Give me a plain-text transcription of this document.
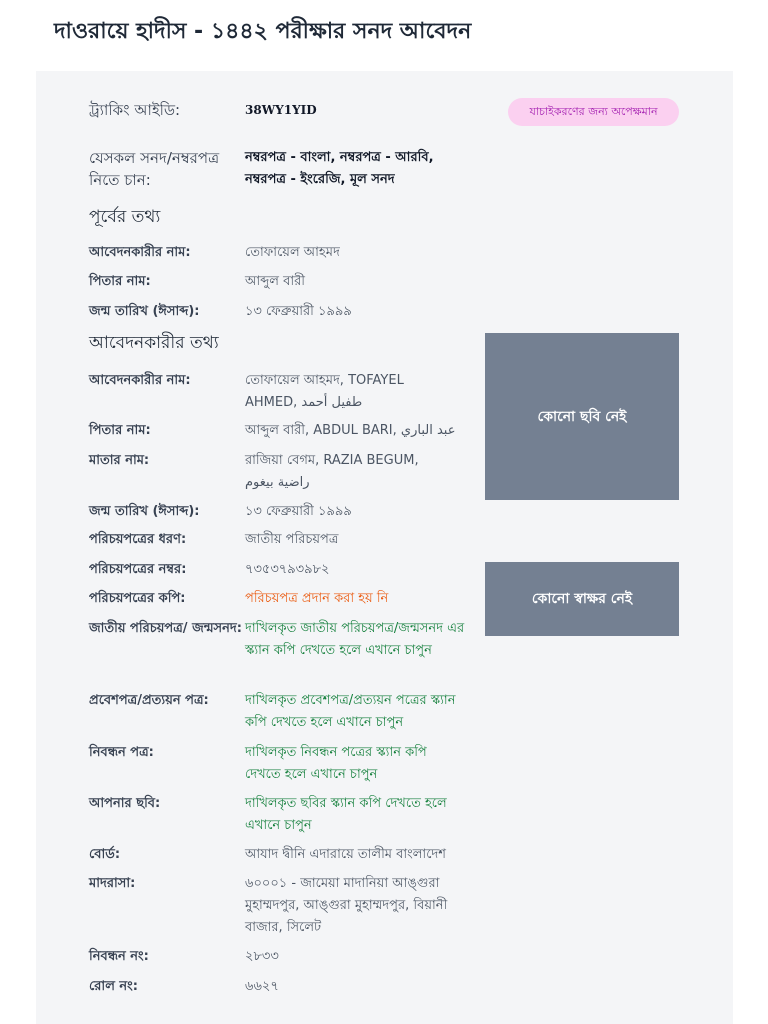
দাওরায়ে হাদীস - ১৪৪২ পরীক্ষার সনদ আবেদন
ট্র্যাকিং আইডি:	38WY1YID	যাচাইকরণের জন্য অপেক্ষমান
যেসকল সনদ/নম্বরপত্র নিতে চান:
নম্বরপত্র - বাংলা, নম্বরপত্র - আরবি, নম্বরপত্র - ইংরেজি, মূল সনদ
পূর্বের তথ্য
আবেদনকারীর নাম:	তোফায়েল আহমদ
পিতার নাম:	আব্দুল বারী
জন্ম তারিখ (ঈসাব্দ):	১৩ ফেব্রুয়ারী ১৯৯৯
আবেদনকারীর তথ্য
আবেদনকারীর নাম:	তোফায়েল আহমদ, TOFAYEL AHMED, طفيل أحمد
পিতার নাম:	আব্দুল বারী, ABDUL BARI, عبد الباري
মাতার নাম:	রাজিয়া বেগম, RAZIA BEGUM, راضية بيغوم
জন্ম তারিখ (ঈসাব্দ):	১৩ ফেব্রুয়ারী ১৯৯৯
পরিচয়পত্রের ধরণ:	জাতীয় পরিচয়পত্র
পরিচয়পত্রের নম্বর:	৭৩৫৩৭৯৩৯৮২
পরিচয়পত্রের কপি:	পরিচয়পত্র প্রদান করা হয় নি
জাতীয় পরিচয়পত্র/ জন্মসনদ: দাখিলকৃত জাতীয় পরিচয়পত্র/জন্মসনদ এর স্ক্যান কপি দেখতে হলে এখানে চাপুন
প্রবেশপত্র/প্রত্যয়ন পত্র:	দাখিলকৃত প্রবেশপত্র/প্রত্যয়ন পত্রের স্ক্যান কপি দেখতে হলে এখানে চাপুন
নিবন্ধন পত্র:	দাখিলকৃত নিবন্ধন পত্রের স্ক্যান কপি দেখতে হলে এখানে চাপুন
আপনার ছবি:	দাখিলকৃত ছবির স্ক্যান কপি দেখতে হলে এখানে চাপুন
বোর্ড:	আযাদ দ্বীনি এদারায়ে তালীম বাংলাদেশ
মাদরাসা:	৬০০০১ - জামেয়া মাদানিয়া আঙ্গুরা মুহাম্মদপুর, আঙ্গুরা মুহাম্মদপুর, বিয়ানী বাজার, সিলেট
নিবন্ধন নং:	২৮৩৩
রোল নং:	৬৬২৭
কোনো ছবি নেই
কোনো স্বাক্ষর নেই
